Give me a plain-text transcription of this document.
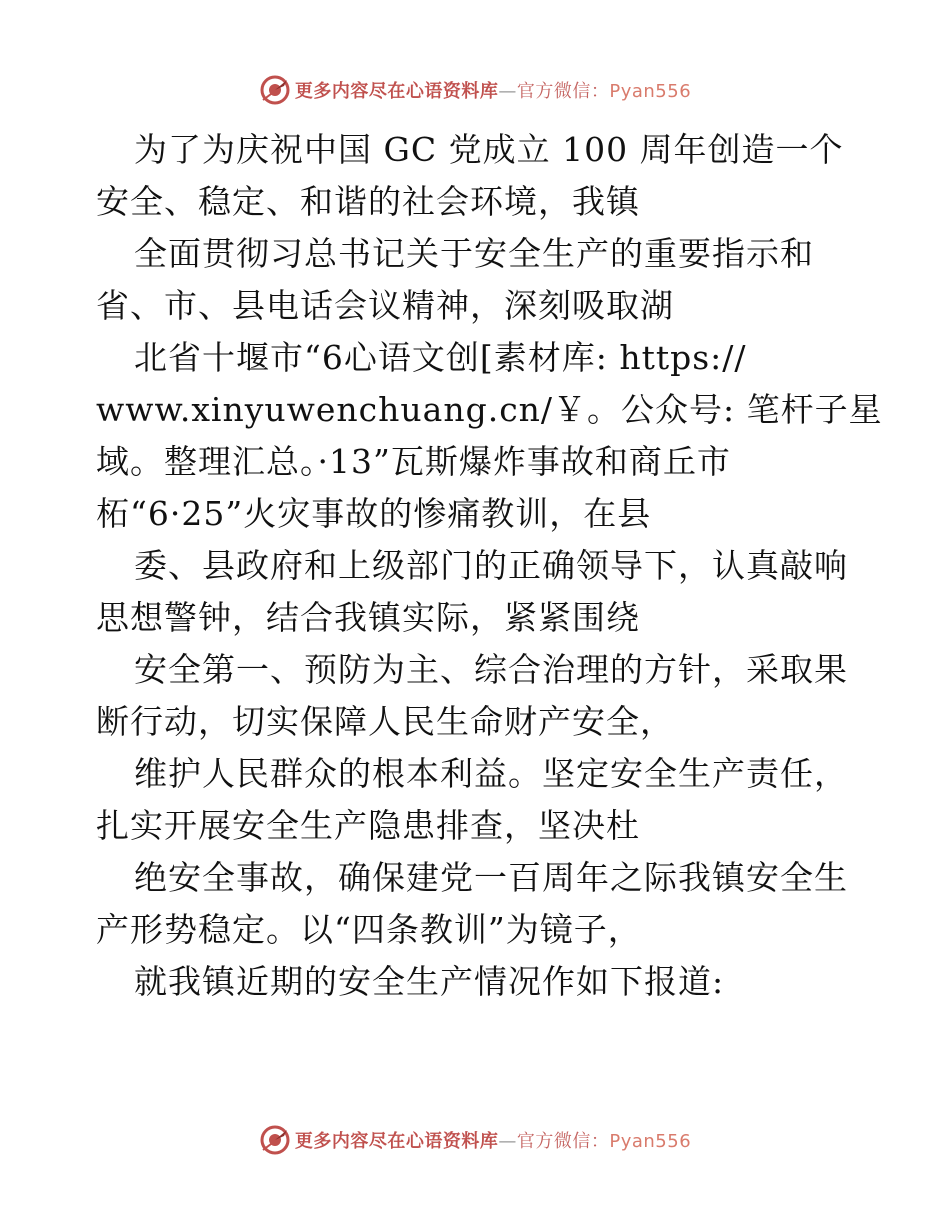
更多内容尽在心语资料库—官方微信：Pyan556
为了为庆祝中国 GC 党成立 100 周年创造一个
安全、稳定、和谐的社会环境，我镇
全面贯彻习总书记关于安全生产的重要指示和
省、市、县电话会议精神，深刻吸取湖
北省十堰市“6心语文创[素材库: https://
www.xinyuwenchuang.cn/￥。公众号: 笔杆子星
域。整理汇总。·13”瓦斯爆炸事故和商丘市
柘“6·25”火灾事故的惨痛教训，在县
委、县政府和上级部门的正确领导下，认真敲响
思想警钟，结合我镇实际，紧紧围绕
安全第一、预防为主、综合治理的方针，采取果
断行动，切实保障人民生命财产安全，
维护人民群众的根本利益。坚定安全生产责任，
扎实开展安全生产隐患排查，坚决杜
绝安全事故，确保建党一百周年之际我镇安全生
产形势稳定。以“四条教训”为镜子，
就我镇近期的安全生产情况作如下报道:
更多内容尽在心语资料库—官方微信：Pyan556
